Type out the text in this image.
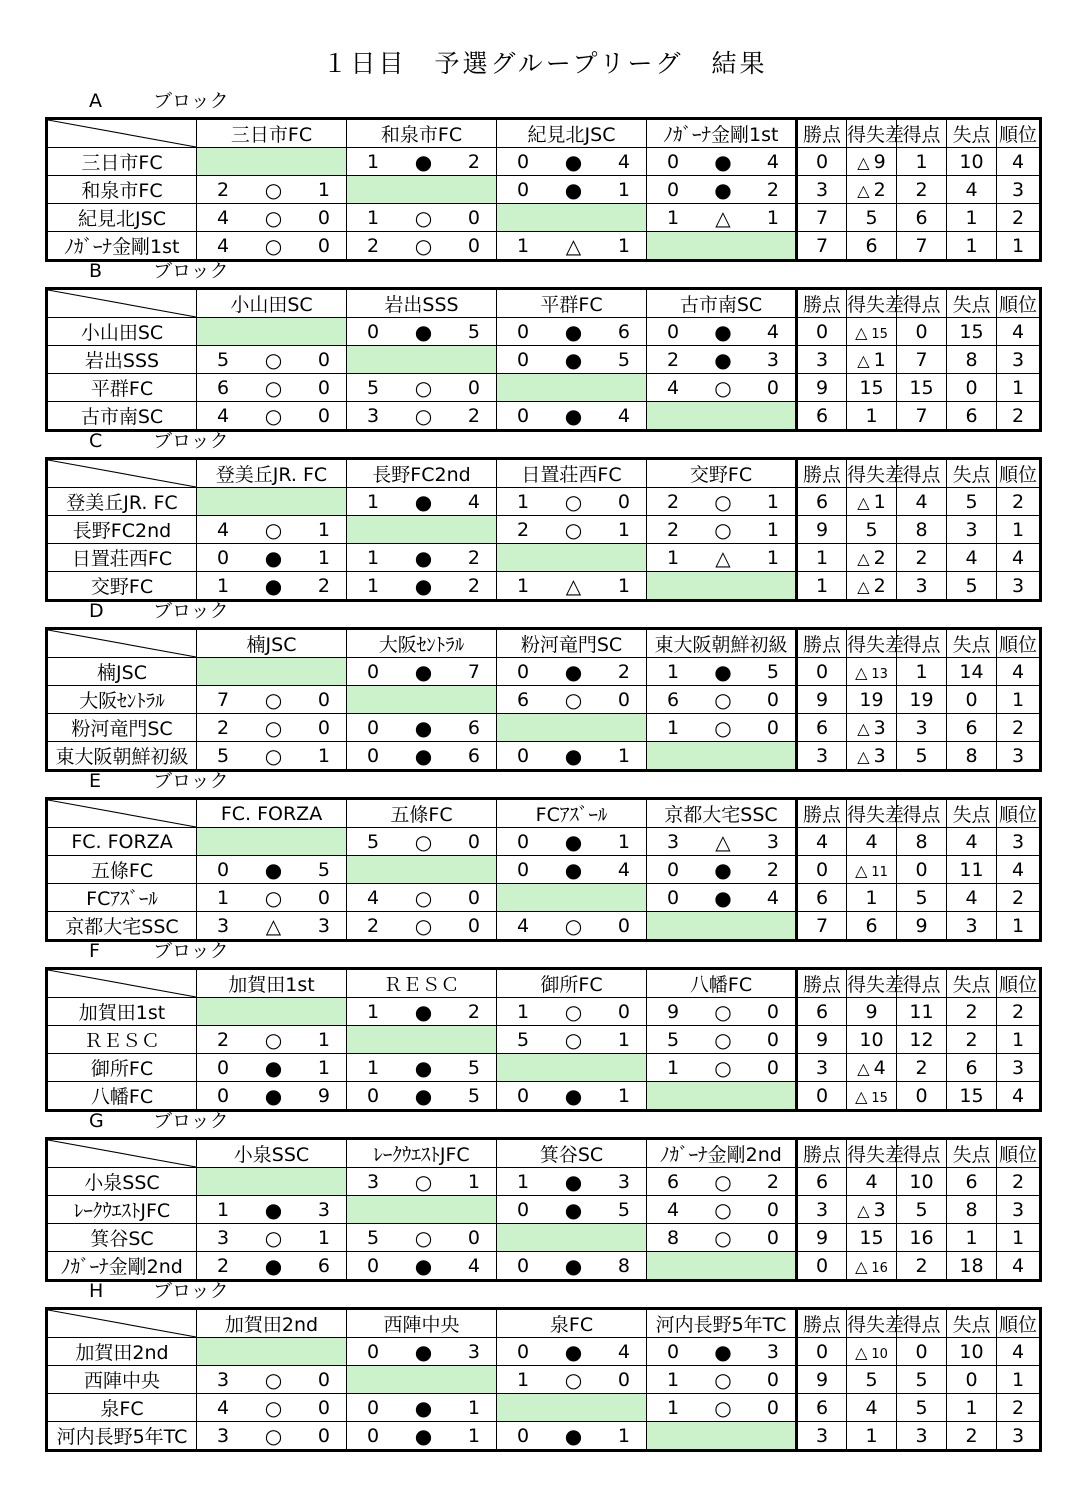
１日目　予選グループリーグ　結果
A	ブロック
	三日市FC	和泉市FC	紀見北JSC	ﾉｶﾞｰﾅ金剛1st	勝点	得失差	得点	失点	順位
三日市FC		1 ● 2	0 ● 4	0 ● 4	0	△ 9	1	10	4
和泉市FC	2 ○ 1		0 ● 1	0 ● 2	3	△ 2	2	4	3
紀見北JSC	4 ○ 0	1 ○ 0		1 △ 1	7	5	6	1	2
ﾉｶﾞｰﾅ金剛1st	4 ○ 0	2 ○ 0	1 △ 1		7	6	7	1	1
B	ブロック
	小山田SC	岩出SSS	平群FC	古市南SC	勝点	得失差	得点	失点	順位
小山田SC		0 ● 5	0 ● 6	0 ● 4	0	△ 15	0	15	4
岩出SSS	5 ○ 0		0 ● 5	2 ● 3	3	△ 1	7	8	3
平群FC	6 ○ 0	5 ○ 0		4 ○ 0	9	15	15	0	1
古市南SC	4 ○ 0	3 ○ 2	0 ● 4		6	1	7	6	2
C	ブロック
	登美丘JR. FC	長野FC2nd	日置荘西FC	交野FC	勝点	得失差	得点	失点	順位
登美丘JR. FC		1 ● 4	1 ○ 0	2 ○ 1	6	△ 1	4	5	2
長野FC2nd	4 ○ 1		2 ○ 1	2 ○ 1	9	5	8	3	1
日置荘西FC	0 ● 1	1 ● 2		1 △ 1	1	△ 2	2	4	4
交野FC	1 ● 2	1 ● 2	1 △ 1		1	△ 2	3	5	3
D	ブロック
	楠JSC	大阪ｾﾝﾄﾗﾙ	粉河竜門SC	東大阪朝鮮初級	勝点	得失差	得点	失点	順位
楠JSC		0 ● 7	0 ● 2	1 ● 5	0	△ 13	1	14	4
大阪ｾﾝﾄﾗﾙ	7 ○ 0		6 ○ 0	6 ○ 0	9	19	19	0	1
粉河竜門SC	2 ○ 0	0 ● 6		1 ○ 0	6	△ 3	3	6	2
東大阪朝鮮初級	5 ○ 1	0 ● 6	0 ● 1		3	△ 3	5	8	3
E	ブロック
	FC. FORZA	五條FC	FCｱｽﾞｰﾙ	京都大宅SSC	勝点	得失差	得点	失点	順位
FC. FORZA		5 ○ 0	0 ● 1	3 △ 3	4	4	8	4	3
五條FC	0 ● 5		0 ● 4	0 ● 2	0	△ 11	0	11	4
FCｱｽﾞｰﾙ	1 ○ 0	4 ○ 0		0 ● 4	6	1	5	4	2
京都大宅SSC	3 △ 3	2 ○ 0	4 ○ 0		7	6	9	3	1
F	ブロック
	加賀田1st	ＲＥＳＣ	御所FC	八幡FC	勝点	得失差	得点	失点	順位
加賀田1st		1 ● 2	1 ○ 0	9 ○ 0	6	9	11	2	2
ＲＥＳＣ	2 ○ 1		5 ○ 1	5 ○ 0	9	10	12	2	1
御所FC	0 ● 1	1 ● 5		1 ○ 0	3	△ 4	2	6	3
八幡FC	0 ● 9	0 ● 5	0 ● 1		0	△ 15	0	15	4
G	ブロック
	小泉SSC	ﾚｰｸｳｴｽﾄJFC	箕谷SC	ﾉｶﾞｰﾅ金剛2nd	勝点	得失差	得点	失点	順位
小泉SSC		3 ○ 1	1 ● 3	6 ○ 2	6	4	10	6	2
ﾚｰｸｳｴｽﾄJFC	1 ● 3		0 ● 5	4 ○ 0	3	△ 3	5	8	3
箕谷SC	3 ○ 1	5 ○ 0		8 ○ 0	9	15	16	1	1
ﾉｶﾞｰﾅ金剛2nd	2 ● 6	0 ● 4	0 ● 8		0	△ 16	2	18	4
H	ブロック
	加賀田2nd	西陣中央	泉FC	河内長野5年TC	勝点	得失差	得点	失点	順位
加賀田2nd		0 ● 3	0 ● 4	0 ● 3	0	△ 10	0	10	4
西陣中央	3 ○ 0		1 ○ 0	1 ○ 0	9	5	5	0	1
泉FC	4 ○ 0	0 ● 1		1 ○ 0	6	4	5	1	2
河内長野5年TC	3 ○ 0	0 ● 1	0 ● 1		3	1	3	2	3
